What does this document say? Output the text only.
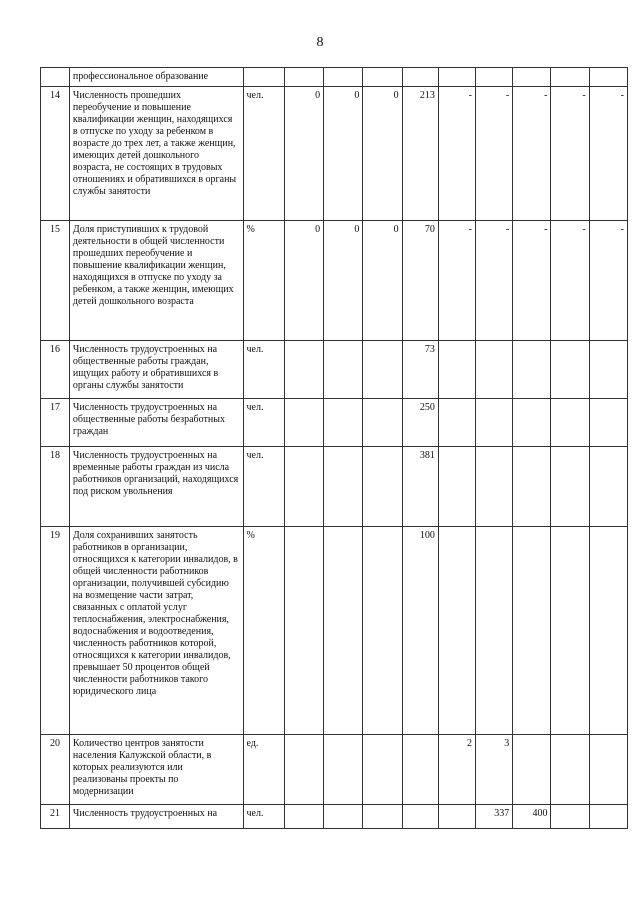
8
	профессиональное образование										
14	Численность прошедших переобучение и повышение квалификации женщин, находящихся в отпуске по уходу за ребенком в возрасте до трех лет, а также женщин, имеющих детей дошкольного возраста, не состоящих в трудовых отношениях и обратившихся в органы службы занятости	чел.	0	0	0	213	-	-	-	-	-
15	Доля приступивших к трудовой деятельности в общей численности прошедших переобучение и повышение квалификации женщин, находящихся в отпуске по уходу за ребенком, а также женщин, имеющих детей дошкольного возраста	%	0	0	0	70	-	-	-	-	-
16	Численность трудоустроенных на общественные работы граждан, ищущих работу и обратившихся в органы службы занятости	чел.				73					
17	Численность трудоустроенных на общественные работы безработных граждан	чел.				250					
18	Численность трудоустроенных на временные работы граждан из числа работников организаций, находящихся под риском увольнения	чел.				381					
19	Доля сохранивших занятость работников в организации, относящихся к категории инвалидов, в общей численности работников организации, получившей субсидию на возмещение части затрат, связанных с оплатой услуг теплоснабжения, электроснабжения, водоснабжения и водоотведения, численность работников которой, относящихся к категории инвалидов, превышает 50 процентов общей численности работников такого юридического лица	%				100					
20	Количество центров занятости населения Калужской области, в которых реализуются или реализованы проекты по модернизации	ед.					2	3			
21	Численность трудоустроенных на	чел.						337	400		
